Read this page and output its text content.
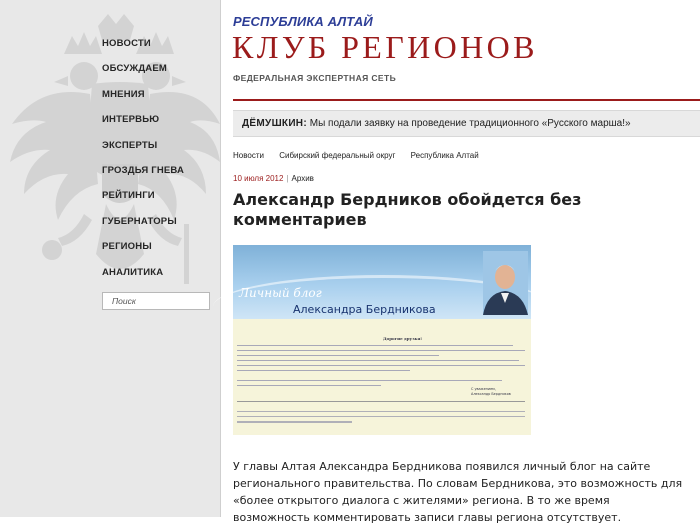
НОВОСТИ
ОБСУЖДАЕМ
МНЕНИЯ
ИНТЕРВЬЮ
ЭКСПЕРТЫ
ГРОЗДЬЯ ГНЕВА
РЕЙТИНГИ
ГУБЕРНАТОРЫ
РЕГИОНЫ
АНАЛИТИКА
Поиск
РЕСПУБЛИКА АЛТАЙ
КЛУБ РЕГИОНОВ
ФЕДЕРАЛЬНАЯ ЭКСПЕРТНАЯ СЕТЬ
ДЁМУШКИН: Мы подали заявку на проведение традиционного «Русского марша!»
Новости Сибирский федеральный округ Республика Алтай
10 июля 2012 | Архив
Александр Бердников обойдется без комментариев
Личный блог
Александра Бердникова
Дорогие друзья!
С уважением,
Александр Бердников

У главы Алтая Александра Бердникова появился личный блог на сайте регионального правительства. По словам Бердникова, это возможность для «более открытого диалога с жителями» региона. В то же время возможность комментировать записи главы региона отсутствует.
